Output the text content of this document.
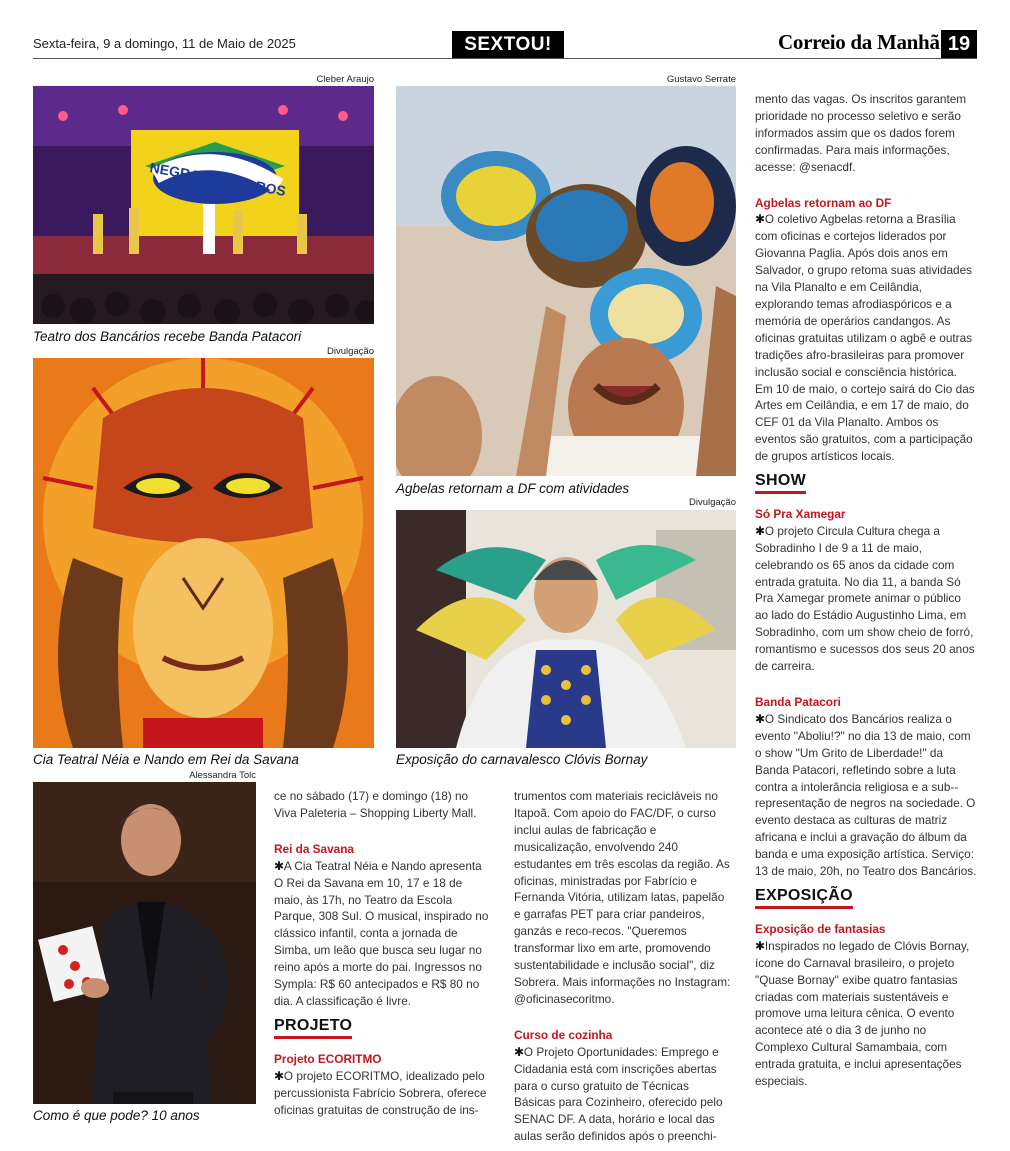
Sexta-feira, 9 a domingo, 11 de Maio de 2025	SEXTOU!	Correio da Manhã 19
Cleber Araujo
NEGRAS E NEGROS
Teatro dos Bancários recebe Banda Patacori
Gustavo Serrate
Agbelas retornam a DF com atividades
Divulgação
Cia Teatral Néia e Nando em Rei da Savana
Divulgação
Exposição do carnavalesco Clóvis Bornay
Alessandra Tolc
Como é que pode? 10 anos

ce no sábado (17) e domingo (18) no Viva Paleteria – Shopping Liberty Mall.

Rei da Savana

✱A Cia Teatral Néia e Nando apresenta O Rei da Savana em 10, 17 e 18 de maio, às 17h, no Teatro da Escola Parque, 308 Sul. O musical, inspirado no clássico infantil, conta a jornada de Simba, um leão que busca seu lugar no reino após a morte do pai. Ingressos no Sympla: R$ 60 antecipados e R$ 80 no dia. A classificação é livre.

PROJETO
Projeto ECORITMO

✱O projeto ECORITMO, idealizado pelo percussionista Fabrício Sobrera, oferece oficinas gratuitas de construção de ins-

trumentos com materiais recicláveis no Itapoã. Com apoio do FAC/DF, o curso inclui aulas de fabricação e musicalização, envolvendo 240 estudantes em três escolas da região. As oficinas, ministradas por Fabrício e Fernanda Vitória, utilizam latas, papelão e garrafas PET para criar pandeiros, ganzás e reco-recos. "Queremos transformar lixo em arte, promovendo sustentabilidade e inclusão social", diz Sobrera. Mais informações no Instagram: @oficinasecoritmo.

Curso de cozinha

✱O Projeto Oportunidades: Emprego e Cidadania está com inscrições abertas para o curso gratuito de Técnicas Básicas para Cozinheiro, oferecido pelo SENAC DF. A data, horário e local das aulas serão definidos após o preenchi-

mento das vagas. Os inscritos garantem prioridade no processo seletivo e serão informados assim que os dados forem confirmadas. Para mais informações, acesse: @senacdf.

Agbelas retornam ao DF

✱O coletivo Agbelas retorna a Brasília com oficinas e cortejos liderados por Giovanna Paglia. Após dois anos em Salvador, o grupo retoma suas atividades na Vila Planalto e em Ceilândia, explorando temas afrodiaspóricos e a memória de operários candangos. As oficinas gratuitas utilizam o agbê e outras tradições afro-brasileiras para promover inclusão social e consciência histórica. Em 10 de maio, o cortejo sairá do Cio das Artes em Ceilândia, e em 17 de maio, do CEF 01 da Vila Planalto. Ambos os eventos são gratuitos, com a participação de grupos artísticos locais.

SHOW
Só Pra Xamegar

✱O projeto Circula Cultura chega a Sobradinho I de 9 a 11 de maio, celebrando os 65 anos da cidade com entrada gratuita. No dia 11, a banda Só Pra Xamegar promete animar o público ao lado do Estádio Augustinho Lima, em Sobradinho, com um show cheio de forró, romantismo e sucessos dos seus 20 anos de carreira.

Banda Patacori

✱O Sindicato dos Bancários realiza o evento "Aboliu!?" no dia 13 de maio, com o show "Um Grito de Liberdade!" da Banda Patacori, refletindo sobre a luta contra a intolerância religiosa e a sub--representação de negros na sociedade. O evento destaca as culturas de matriz africana e inclui a gravação do álbum da banda e uma exposição artística. Serviço: 13 de maio, 20h, no Teatro dos Bancários.

EXPOSIÇÃO
Exposição de fantasias

✱Inspirados no legado de Clóvis Bornay, ícone do Carnaval brasileiro, o projeto "Quase Bornay" exibe quatro fantasias criadas com materiais sustentáveis e promove uma leitura cênica. O evento acontece até o dia 3 de junho no Complexo Cultural Samambaia, com entrada gratuita, e inclui apresentações especiais.
